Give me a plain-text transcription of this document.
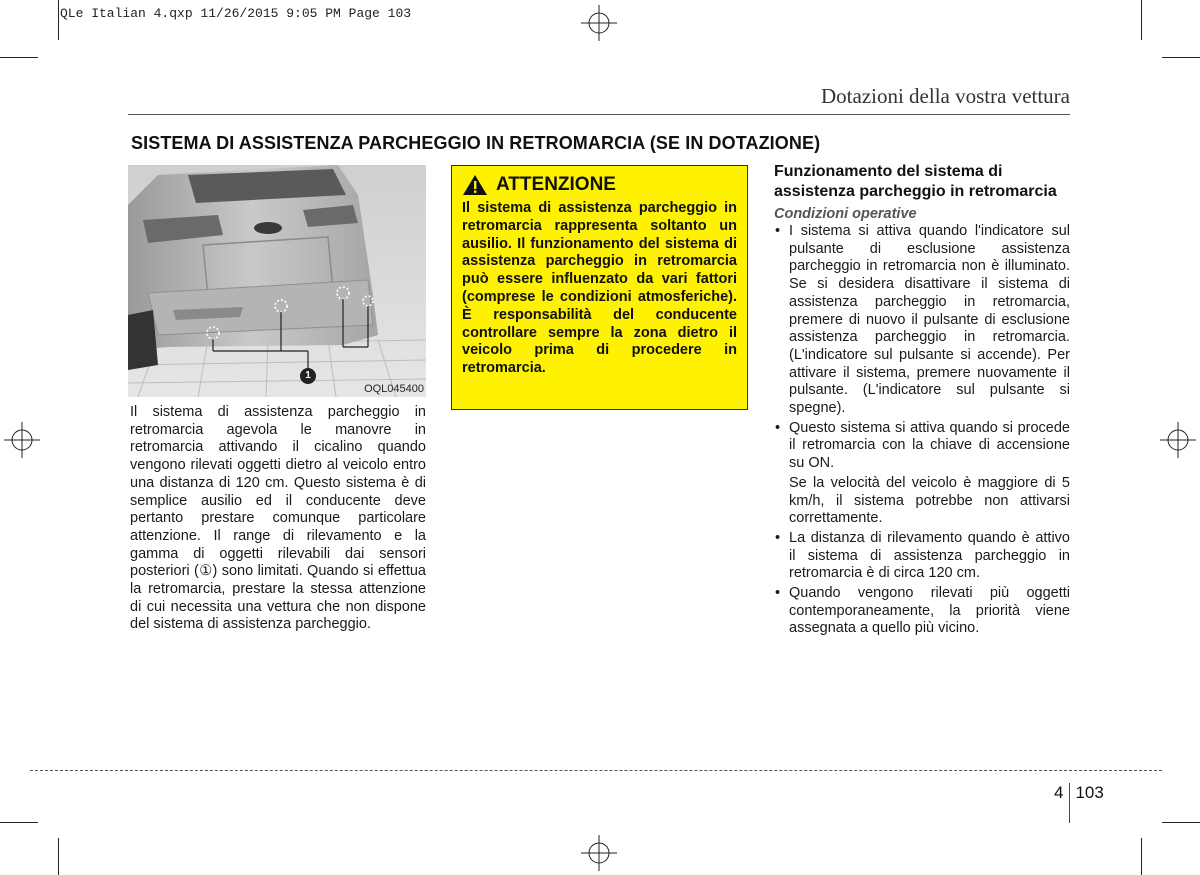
QLe Italian 4.qxp 11/26/2015 9:05 PM Page 103
Dotazioni della vostra vettura
SISTEMA DI ASSISTENZA PARCHEGGIO IN RETROMARCIA (SE IN DOTAZIONE)
1
OQL045400
Il sistema di assistenza parcheggio in retromarcia agevola le manovre in retromarcia attivando il cicalino quando vengono rilevati oggetti dietro al veicolo entro una distanza di 120 cm. Questo sistema è di semplice ausilio ed il conducente deve pertanto prestare comunque particolare attenzione. Il range di rilevamento e la gamma di oggetti rilevabili dai sensori posteriori (①) sono limitati. Quando si effettua la retromarcia, prestare la stessa attenzione di cui necessita una vettura che non dispone del sistema di assistenza parcheggio.
ATTENZIONE
Il sistema di assistenza parcheggio in retromarcia rappresenta soltanto un ausilio. Il funzionamento del sistema di assistenza parcheggio in retromarcia può essere influenzato da vari fattori (comprese le condizioni atmosferiche). È responsabilità del conducente controllare sempre la zona dietro il veicolo prima di procedere in retromarcia.
Funzionamento del sistema di assistenza parcheggio in retromarcia
Condizioni operative
• I sistema si attiva quando l'indicatore sul pulsante di esclusione assistenza parcheggio in retromarcia non è illuminato. Se si desidera disattivare il sistema di assistenza parcheggio in retromarcia, premere di nuovo il pulsante di esclusione assistenza parcheggio in retromarcia. (L'indicatore sul pulsante si accende). Per attivare il sistema, premere nuovamente il pulsante. (L'indicatore sul pulsante si spegne).
• Questo sistema si attiva quando si procede il retromarcia con la chiave di accensione su ON.
Se la velocità del veicolo è maggiore di 5 km/h, il sistema potrebbe non attivarsi correttamente.
• La distanza di rilevamento quando è attivo il sistema di assistenza parcheggio in retromarcia è di circa 120 cm.
• Quando vengono rilevati più oggetti contemporaneamente, la priorità viene assegnata a quello più vicino.
4 103
